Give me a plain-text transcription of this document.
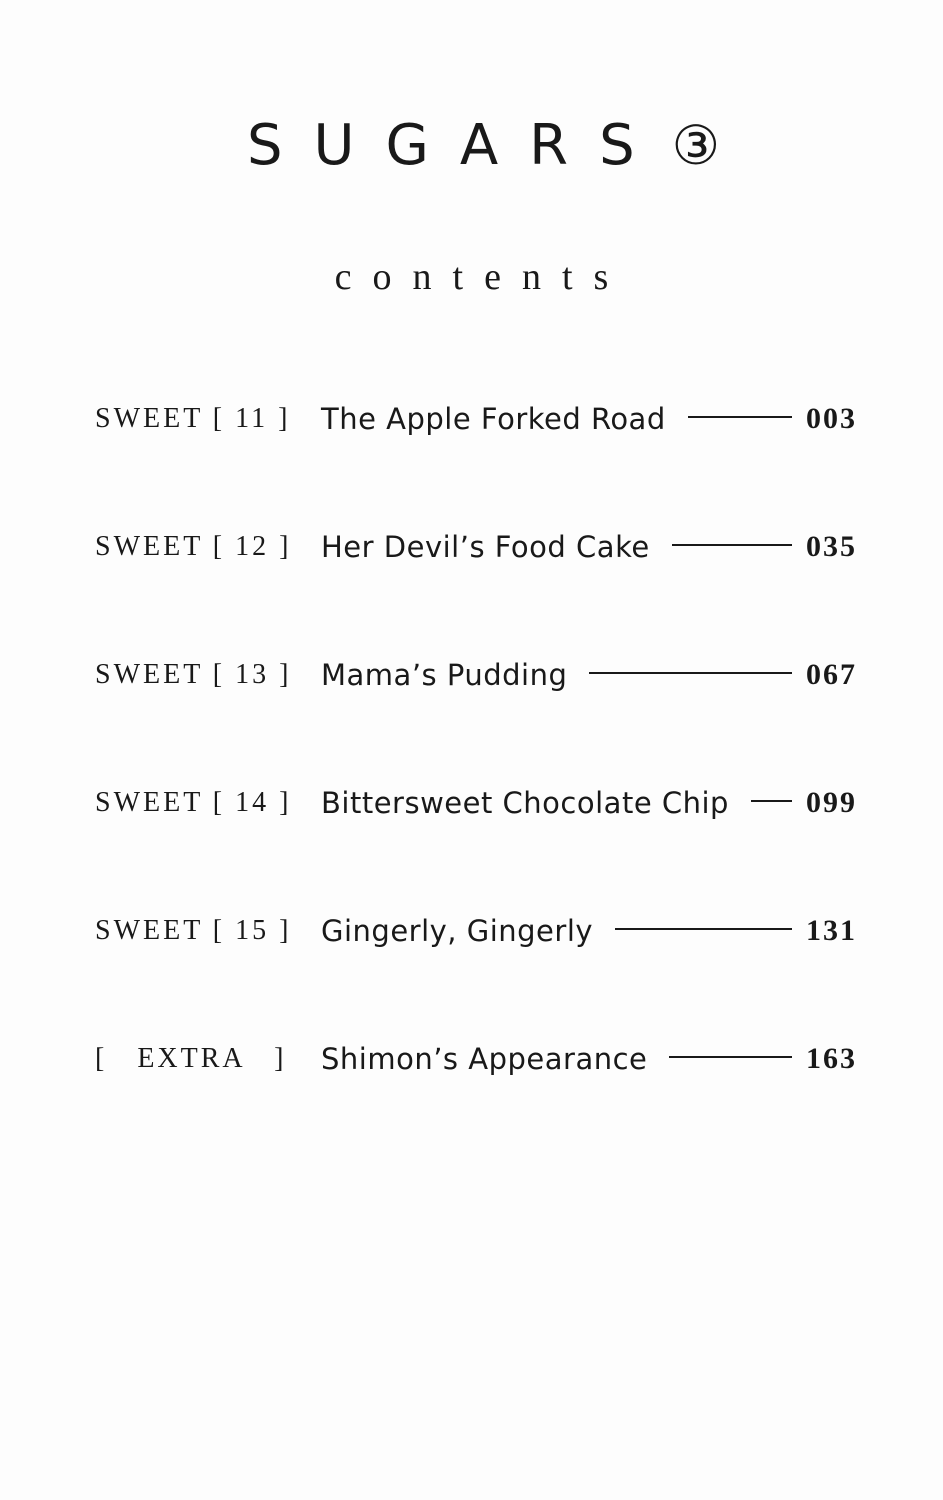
SUGARS ③
contents
SWEET [ 11 ] The Apple Forked Road	003
SWEET [ 12 ] Her Devil’s Food Cake	035
SWEET [ 13 ] Mama’s Pudding	067
SWEET [ 14 ] Bittersweet Chocolate Chip	099
SWEET [ 15 ] Gingerly, Gingerly	131
[   EXTRA   ] Shimon’s Appearance	163
